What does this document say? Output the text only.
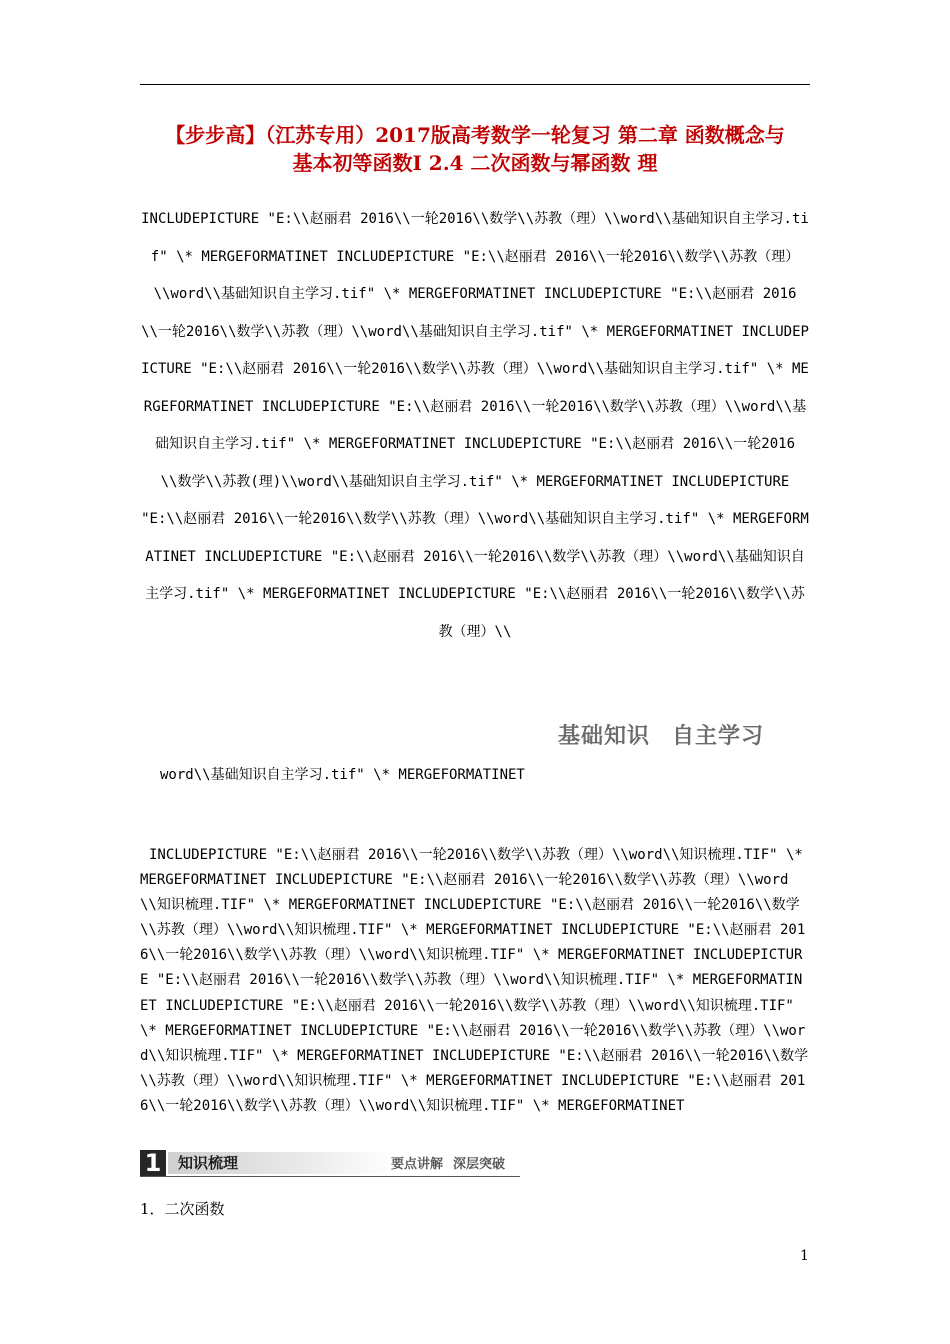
【步步高】（江苏专用）2017版高考数学一轮复习 第二章 函数概念与
基本初等函数Ⅰ 2.4 二次函数与幂函数 理

INCLUDEPICTURE "E:\\赵丽君 2016\\一轮2016\\数学\\苏教（理）\\word\\基础知识自主学习.tif" \* MERGEFORMATINET INCLUDEPICTURE "E:\\赵丽君 2016\\一轮2016\\数学\\苏教（理）\\word\\基础知识自主学习.tif" \* MERGEFORMATINET INCLUDEPICTURE "E:\\赵丽君 2016\\一轮2016\\数学\\苏教（理）\\word\\基础知识自主学习.tif" \* MERGEFORMATINET INCLUDEPICTURE "E:\\赵丽君 2016\\一轮2016\\数学\\苏教（理）\\word\\基础知识自主学习.tif" \* MERGEFORMATINET INCLUDEPICTURE "E:\\赵丽君 2016\\一轮2016\\数学\\苏教（理）\\word\\基础知识自主学习.tif" \* MERGEFORMATINET INCLUDEPICTURE "E:\\赵丽君 2016\\一轮2016\\数学\\苏教(理)\\word\\基础知识自主学习.tif" \* MERGEFORMATINET INCLUDEPICTURE "E:\\赵丽君 2016\\一轮2016\\数学\\苏教（理）\\word\\基础知识自主学习.tif" \* MERGEFORMATINET INCLUDEPICTURE "E:\\赵丽君 2016\\一轮2016\\数学\\苏教（理）\\word\\基础知识自主学习.tif" \* MERGEFORMATINET INCLUDEPICTURE "E:\\赵丽君 2016\\一轮2016\\数学\\苏教（理）\\

基础知识 自主学习

word\\基础知识自主学习.tif" \* MERGEFORMATINET

INCLUDEPICTURE "E:\\赵丽君 2016\\一轮2016\\数学\\苏教（理）\\word\\知识梳理.TIF" \* MERGEFORMATINET INCLUDEPICTURE "E:\\赵丽君 2016\\一轮2016\\数学\\苏教（理）\\word\\知识梳理.TIF" \* MERGEFORMATINET INCLUDEPICTURE "E:\\赵丽君 2016\\一轮2016\\数学\\苏教（理）\\word\\知识梳理.TIF" \* MERGEFORMATINET INCLUDEPICTURE "E:\\赵丽君 2016\\一轮2016\\数学\\苏教（理）\\word\\知识梳理.TIF" \* MERGEFORMATINET INCLUDEPICTURE "E:\\赵丽君 2016\\一轮2016\\数学\\苏教（理）\\word\\知识梳理.TIF" \* MERGEFORMATINET INCLUDEPICTURE "E:\\赵丽君 2016\\一轮2016\\数学\\苏教（理）\\word\\知识梳理.TIF" \* MERGEFORMATINET INCLUDEPICTURE "E:\\赵丽君 2016\\一轮2016\\数学\\苏教（理）\\word\\知识梳理.TIF" \* MERGEFORMATINET INCLUDEPICTURE "E:\\赵丽君 2016\\一轮2016\\数学\\苏教（理）\\word\\知识梳理.TIF" \* MERGEFORMATINET INCLUDEPICTURE "E:\\赵丽君 2016\\一轮2016\\数学\\苏教（理）\\word\\知识梳理.TIF" \* MERGEFORMATINET

1	知识梳理	要点讲解 深层突破

1．二次函数

1
